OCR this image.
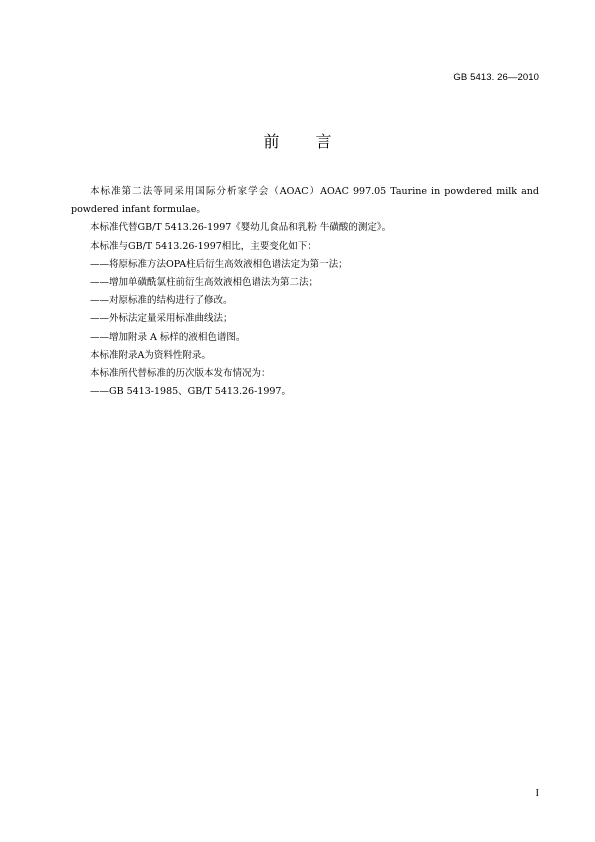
GB 5413. 26—2010
前 言

本标准第二法等同采用国际分析家学会（AOAC）AOAC 997.05 Taurine in powdered milk and powdered infant formulae。

本标准代替GB/T 5413.26-1997《婴幼儿食品和乳粉 牛磺酸的测定》。

本标准与GB/T 5413.26-1997相比，主要变化如下：

——将原标准方法OPA柱后衍生高效液相色谱法定为第一法；

——增加单磺酰氯柱前衍生高效液相色谱法为第二法；

——对原标准的结构进行了修改。

——外标法定量采用标准曲线法；

——增加附录 A 标样的液相色谱图。

本标准附录A为资料性附录。

本标准所代替标准的历次版本发布情况为：

——GB 5413-1985、GB/T 5413.26-1997。

I
